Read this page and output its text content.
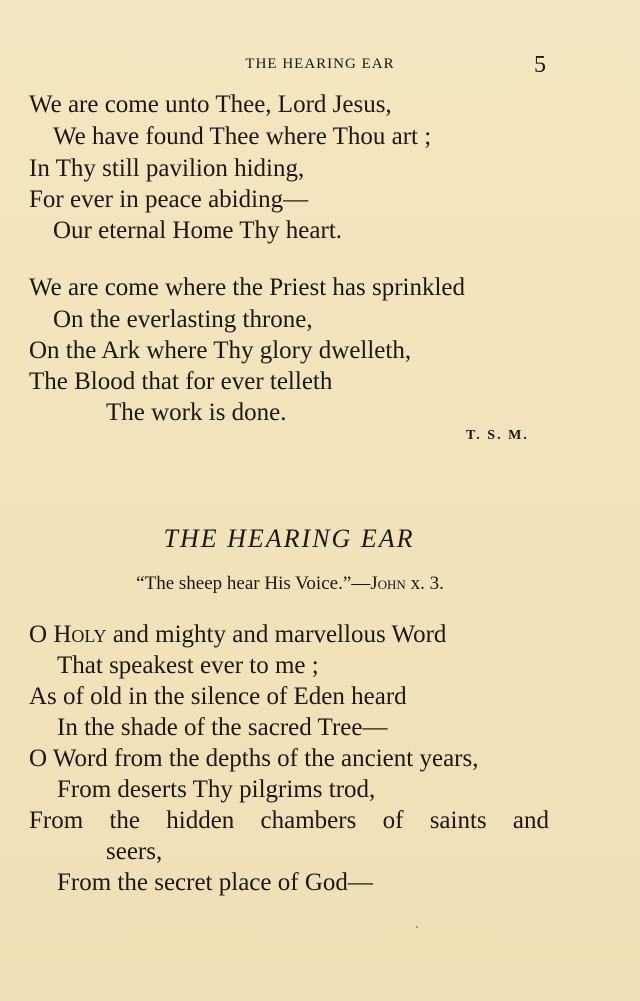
THE HEARING EAR	5
We are come unto Thee, Lord Jesus,
We have found Thee where Thou art ;
In Thy still pavilion hiding,
For ever in peace abiding—
Our eternal Home Thy heart.
We are come where the Priest has sprinkled
On the everlasting throne,
On the Ark where Thy glory dwelleth,
The Blood that for ever telleth
The work is done.
T. S. M.
THE HEARING EAR
“The sheep hear His Voice.”—John x. 3.
O Holy and mighty and marvellous Word
That speakest ever to me ;
As of old in the silence of Eden heard
In the shade of the sacred Tree—
O Word from the depths of the ancient years,
From deserts Thy pilgrims trod,
From the hidden chambers of saints and
seers,
From the secret place of God—
